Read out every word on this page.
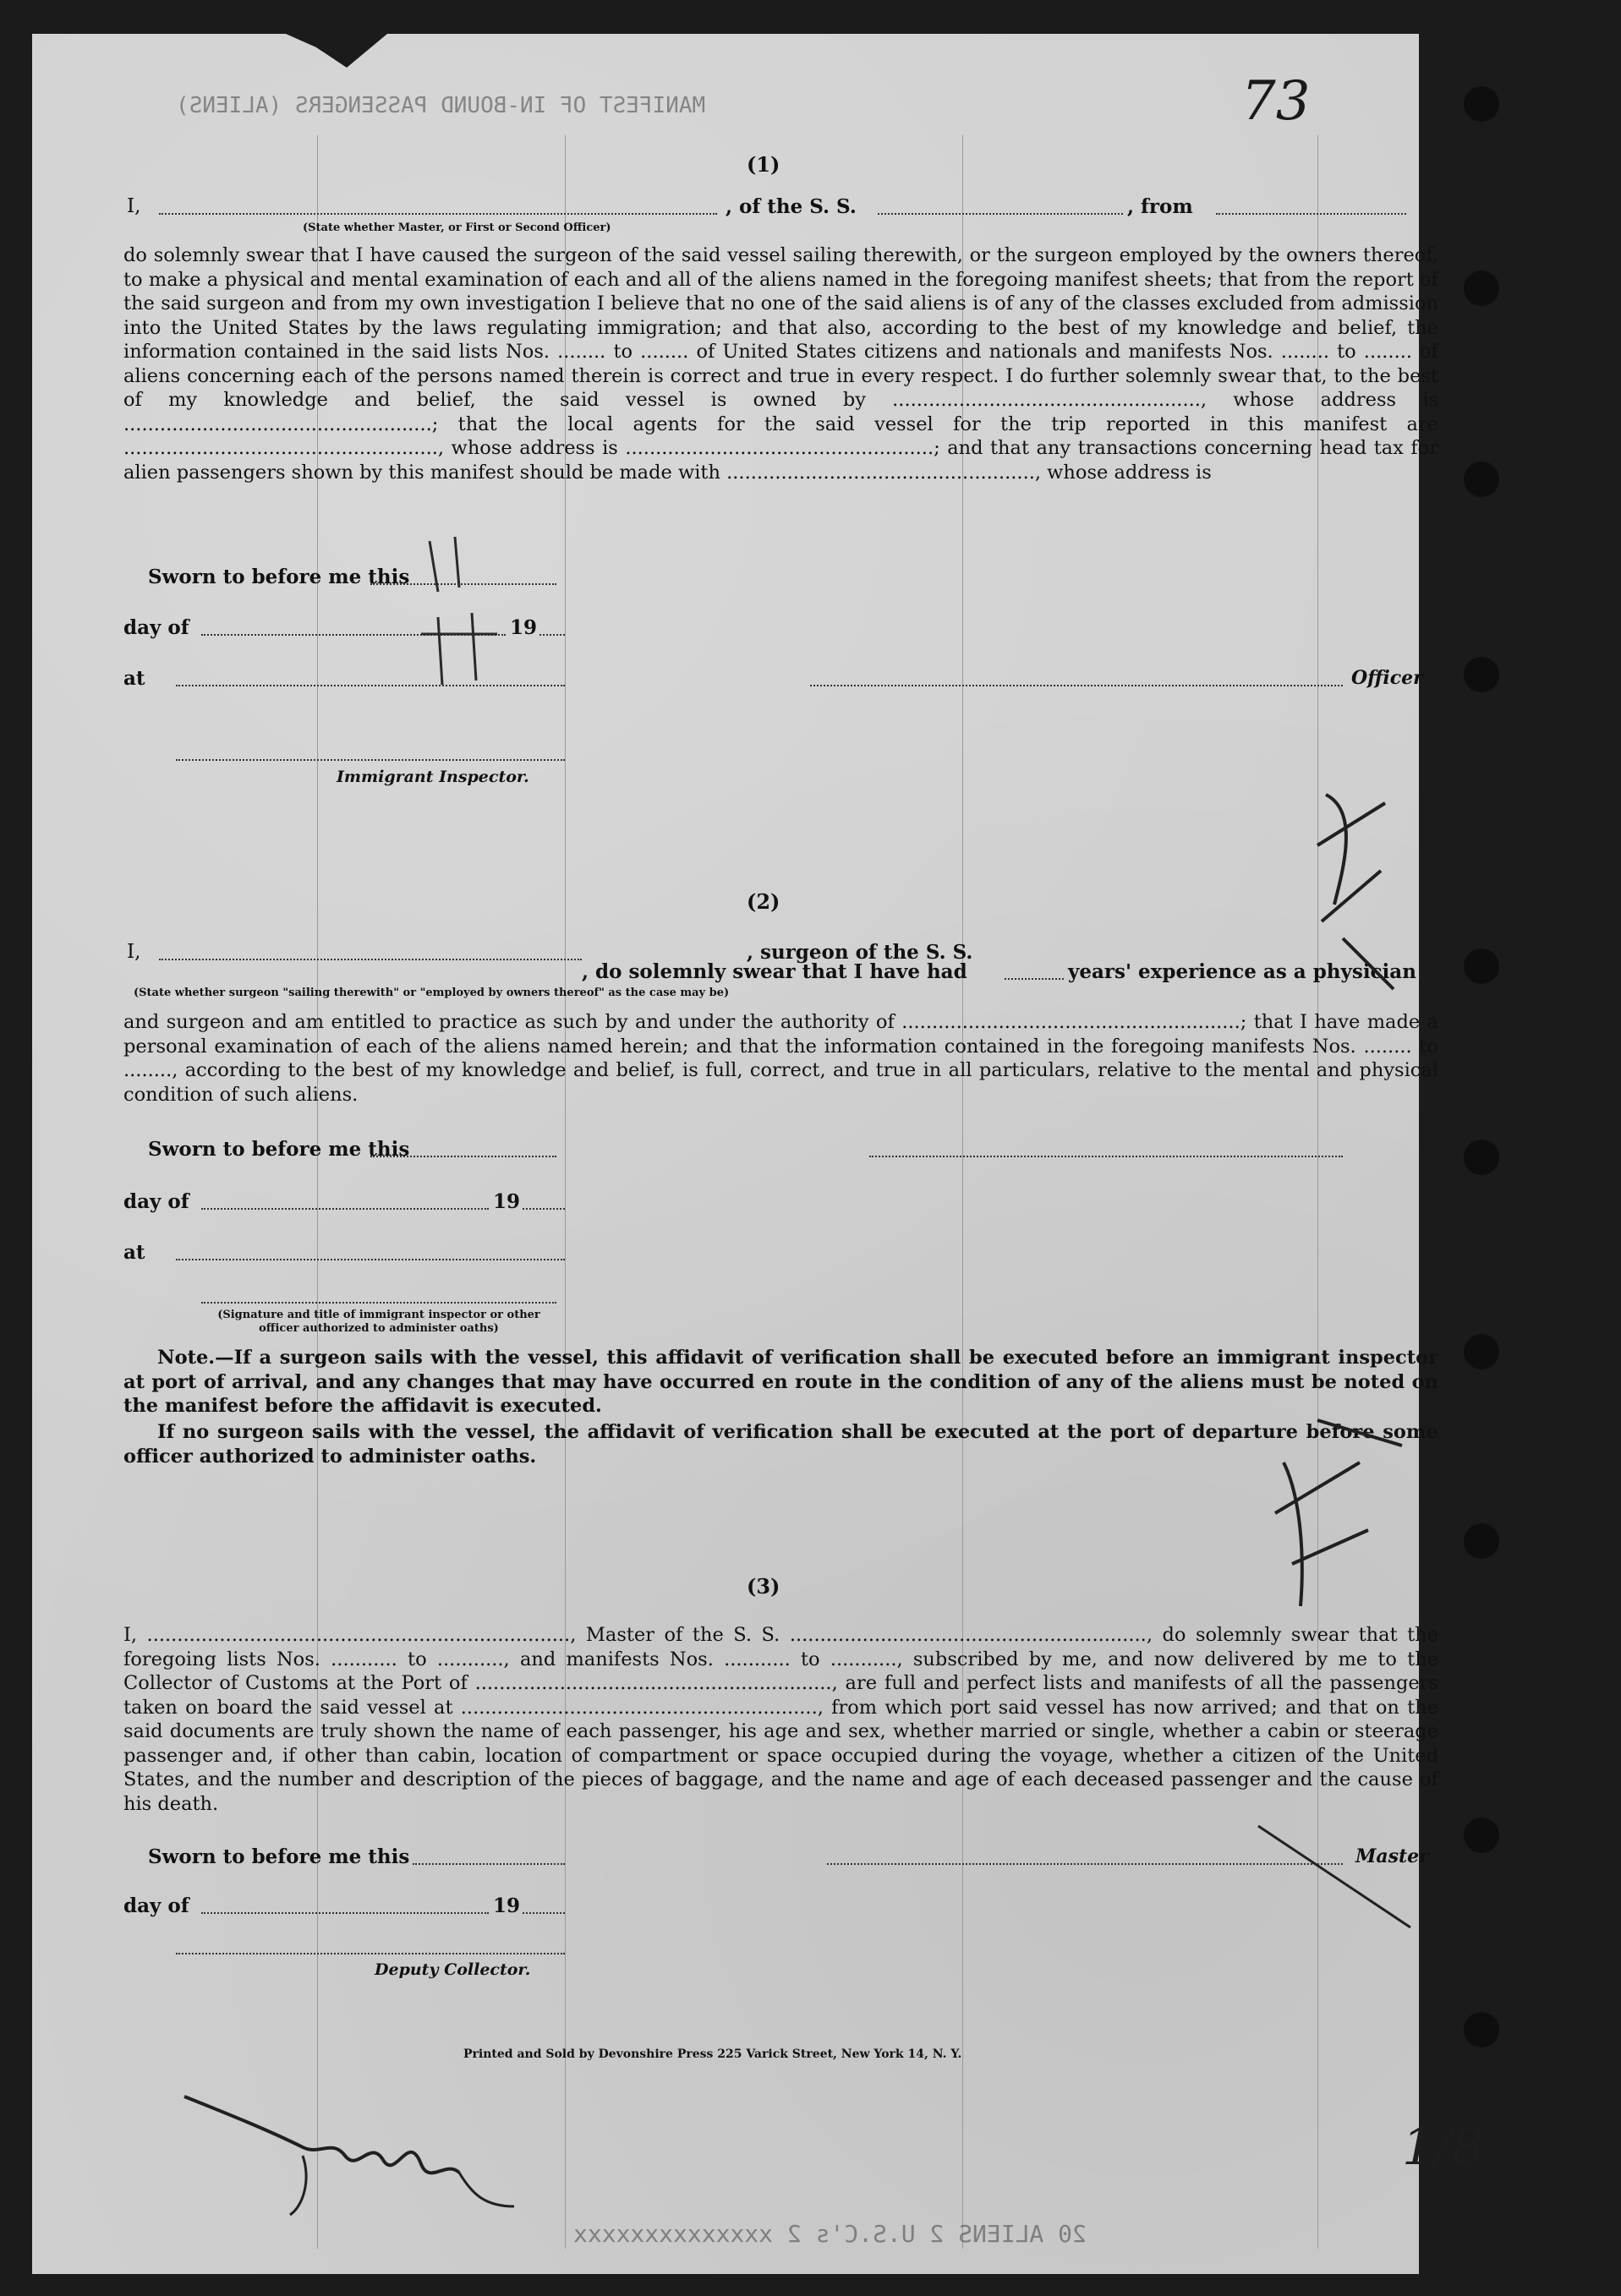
MANIFEST OF IN-BOUND PASSENGERS (ALIENS)	73
(1)
I,	, of the S. S.	, from
(State whether Master, or First or Second Officer)
do solemnly swear that I have caused the surgeon of the said vessel sailing therewith, or the surgeon employed by the owners thereof, to make a physical and mental examination of each and all of the aliens named in the foregoing manifest sheets; that from the report of the said surgeon and from my own investigation I believe that no one of the said aliens is of any of the classes excluded from admission into the United States by the laws regulating immigration; and that also, according to the best of my knowledge and belief, the information contained in the said lists Nos. ........ to ........ of United States citizens and nationals and manifests Nos. ........ to ........ of aliens concerning each of the persons named therein is correct and true in every respect. I do further solemnly swear that, to the best of my knowledge and belief, the said vessel is owned by ..................................................., whose address is ...................................................; that the local agents for the said vessel for the trip reported in this manifest are ...................................................., whose address is ...................................................; and that any transactions concerning head tax for alien passengers shown by this manifest should be made with ..................................................., whose address is
Sworn to before me this
day of	19
at	Officer
Immigrant Inspector.
(2)
I,
, do solemnly swear that I have had
, surgeon of the S. S.
years' experience as a physician
(State whether surgeon "sailing therewith" or "employed by owners thereof" as the case may be)
and surgeon and am entitled to practice as such by and under the authority of ........................................................; that I have made a personal examination of each of the aliens named herein; and that the information contained in the foregoing manifests Nos. ........ to ........, according to the best of my knowledge and belief, is full, correct, and true in all particulars, relative to the mental and physical condition of such aliens.
Sworn to before me this
day of	19
at
(Signature and title of immigrant inspector or other officer authorized to administer oaths)
Note.—If a surgeon sails with the vessel, this affidavit of verification shall be executed before an immigrant inspector at port of arrival, and any changes that may have occurred en route in the condition of any of the aliens must be noted on the manifest before the affidavit is executed.
If no surgeon sails with the vessel, the affidavit of verification shall be executed at the port of departure before some officer authorized to administer oaths.
(3)
I, ......................................................................, Master of the S. S. ..........................................................., do solemnly swear that the foregoing lists Nos. ........... to ..........., and manifests Nos. ........... to ..........., subscribed by me, and now delivered by me to the Collector of Customs at the Port of ..........................................................., are full and perfect lists and manifests of all the passengers taken on board the said vessel at ..........................................................., from which port said vessel has now arrived; and that on the said documents are truly shown the name of each passenger, his age and sex, whether married or single, whether a cabin or steerage passenger and, if other than cabin, location of compartment or space occupied during the voyage, whether a citizen of the United States, and the number and description of the pieces of baggage, and the name and age of each deceased passenger and the cause of his death.
Sworn to before me this	Master
day of	19
Deputy Collector.
Printed and Sold by Devonshire Press 225 Varick Street, New York 14, N. Y.
20 ALIENS 2 U.S.C's 2 xxxxxxxxxxxxxx
1/8
